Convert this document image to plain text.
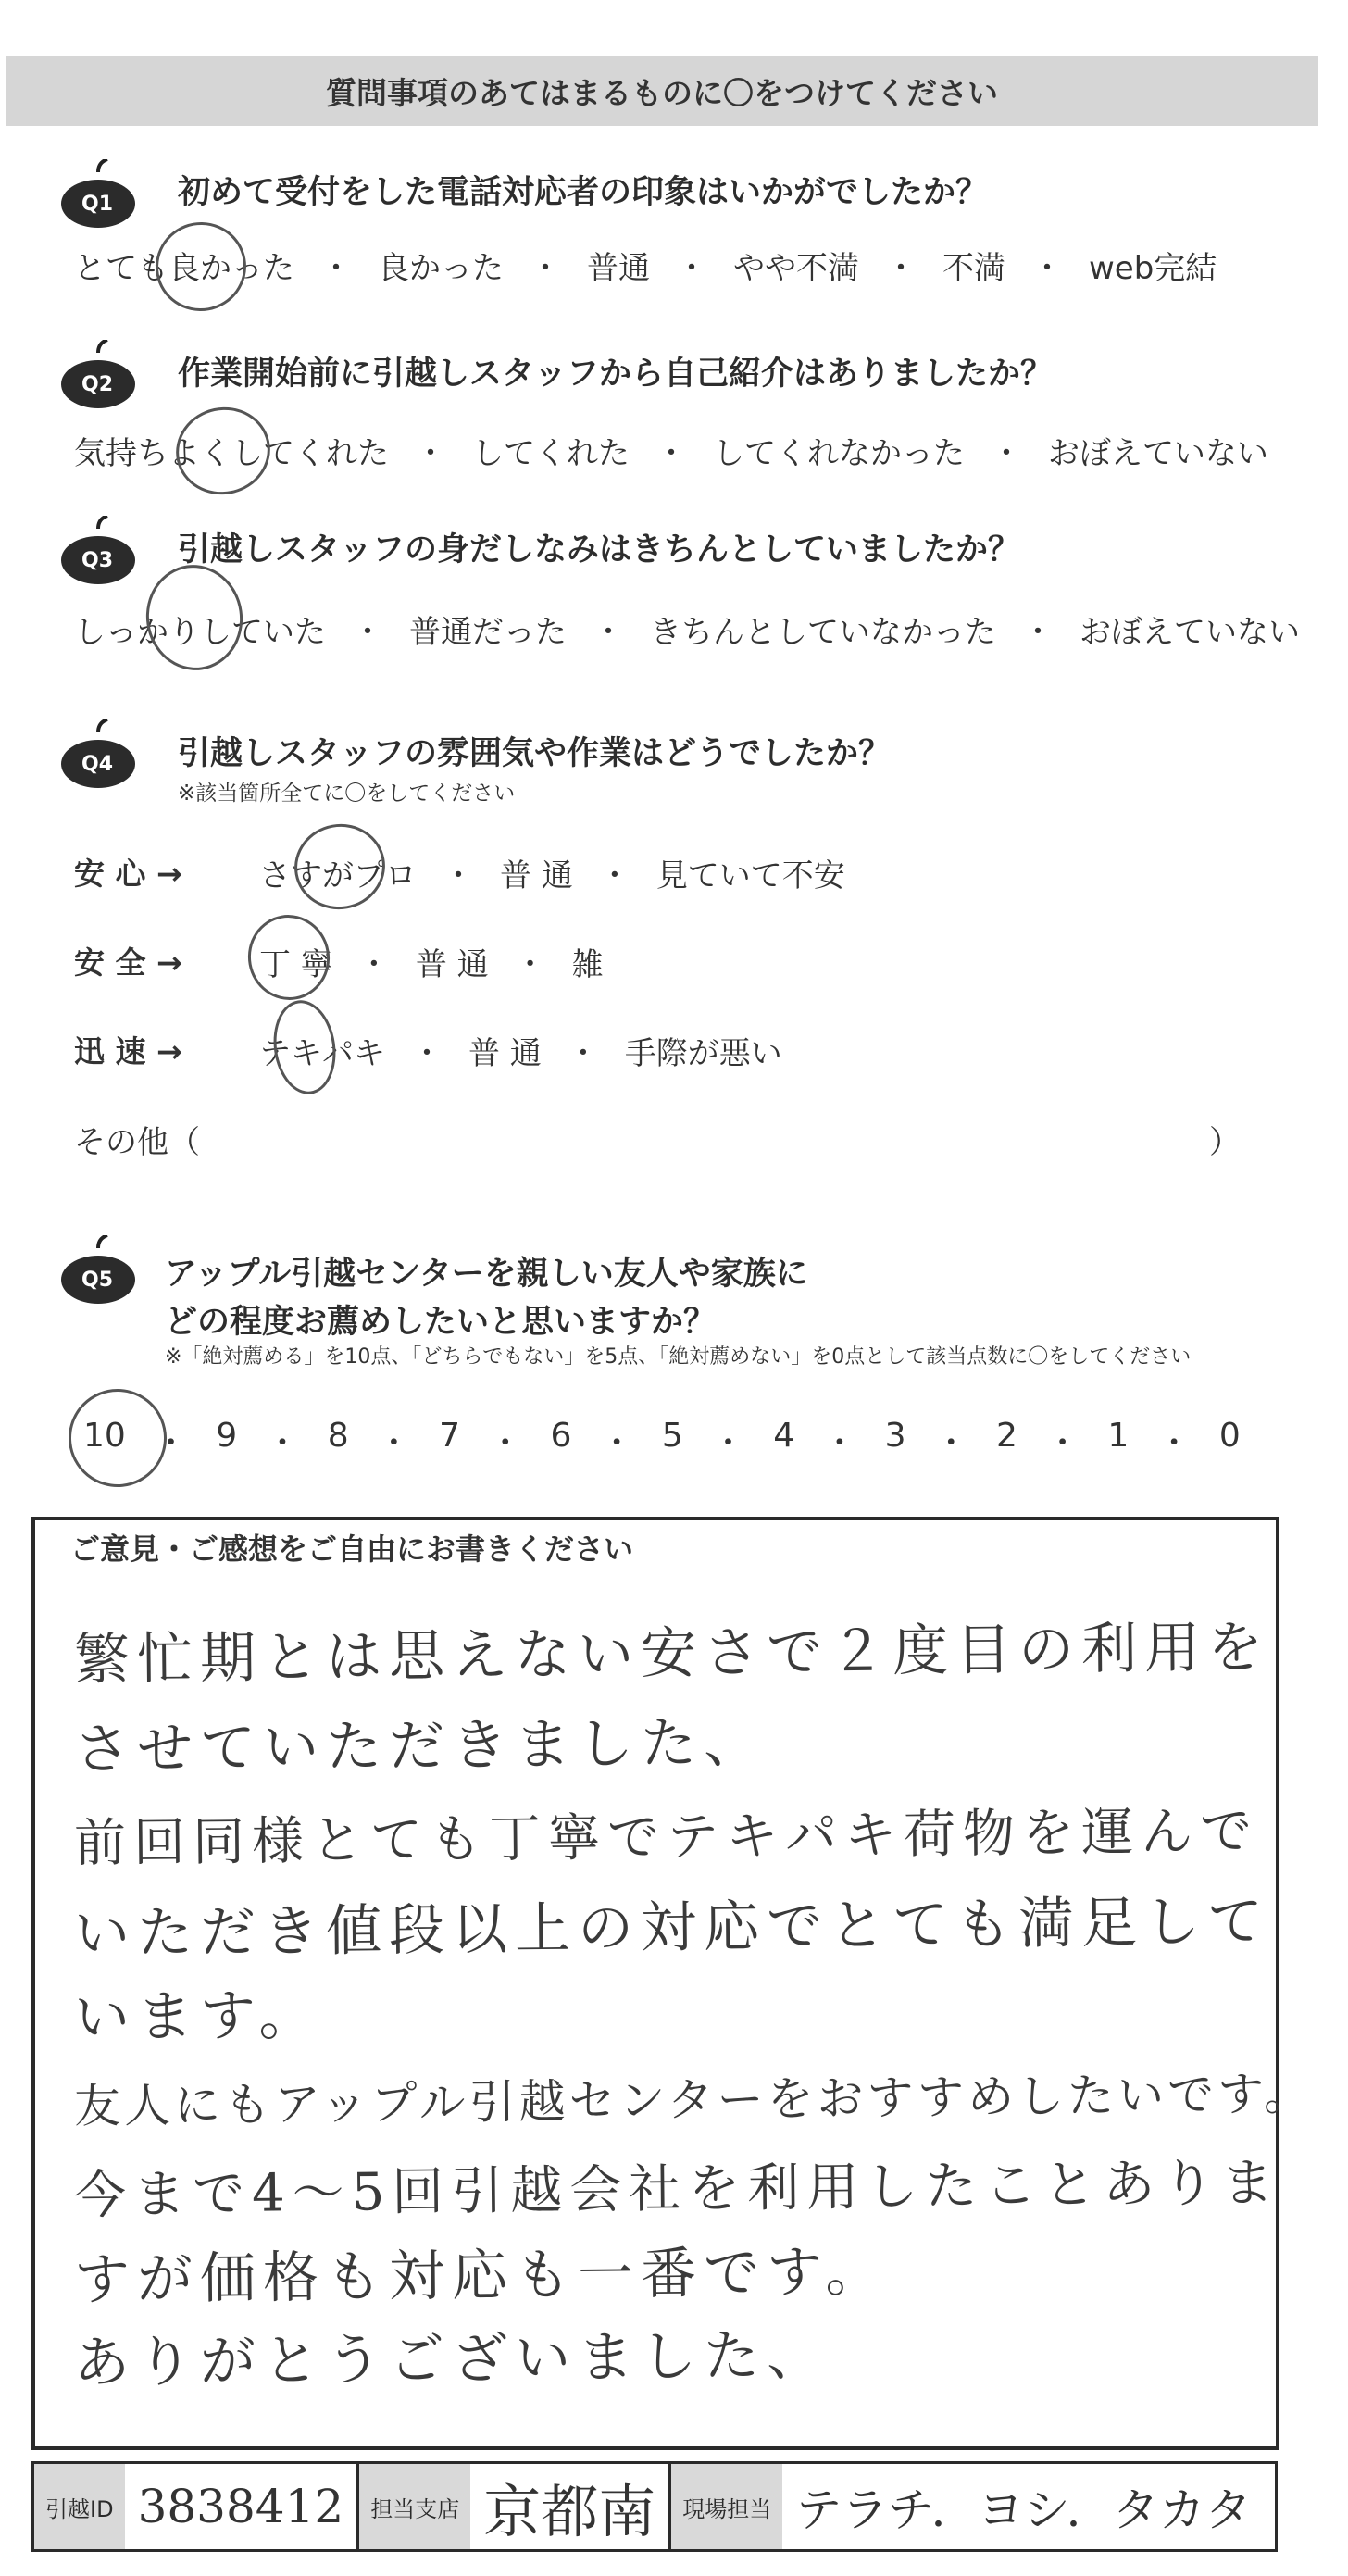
質問事項のあてはまるものに〇をつけてください
Q1 初めて受付をした電話対応者の印象はいかがでしたか？
とても良かった ・ 良かった ・ 普通 ・ やや不満 ・ 不満 ・ web完結
Q2 作業開始前に引越しスタッフから自己紹介はありましたか？
気持ちよくしてくれた ・ してくれた ・ してくれなかった ・ おぼえていない
Q3 引越しスタッフの身だしなみはきちんとしていましたか？
しっかりしていた ・ 普通だった ・ きちんとしていなかった ・ おぼえていない
Q4 引越しスタッフの雰囲気や作業はどうでしたか？
※該当箇所全てに〇をしてください
安 心 → さすがプロ ・ 普 通 ・ 見ていて不安
安 全 → 丁 寧 ・ 普 通 ・ 雑
迅 速 → テキパキ ・ 普 通 ・ 手際が悪い
その他（	）
Q5 アップル引越センターを親しい友人や家族に
どの程度お薦めしたいと思いますか？
※「絶対薦める」を10点、「どちらでもない」を5点、「絶対薦めない」を0点として該当点数に〇をしてください
10 ・ 9 ・ 8 ・ 7 ・ 6 ・ 5 ・ 4 ・ 3 ・ 2 ・ 1 ・ 0
ご意見・ご感想をご自由にお書きください
繁忙期とは思えない安さで２度目の利用を
させていただきました、
前回同様とても丁寧でテキパキ荷物を運んで
いただき値段以上の対応でとても満足して
います。
友人にもアップル引越センターをおすすめしたいです。
今まで4～5回引越会社を利用したことありま
すが価格も対応も一番です。
ありがとうございました、
引越ID 3838412	担当支店 京都南	現場担当 テラチ．ヨシ．タカタ
